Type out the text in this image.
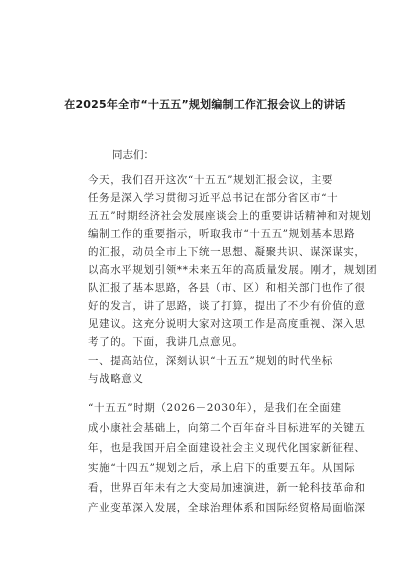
在2025年全市“十五五”规划编制工作汇报会议上的讲话
同志们：
今天，我们召开这次“十五五”规划汇报会议，主要
任务是深入学习贯彻习近平总书记在部分省区市“十
五五”时期经济社会发展座谈会上的重要讲话精神和对规划
编制工作的重要指示，听取我市“十五五”规划基本思路
的汇报，动员全市上下统一思想、凝聚共识、谋深谋实，
以高水平规划引领**未来五年的高质量发展。刚才，规划团
队汇报了基本思路，各县（市、区）和相关部门也作了很
好的发言，讲了思路，谈了打算，提出了不少有价值的意
见建议。这充分说明大家对这项工作是高度重视、深入思
考了的。下面，我讲几点意见。
一、提高站位，深刻认识“十五五”规划的时代坐标
与战略意义
“十五五”时期（2026－2030年），是我们在全面建
成小康社会基础上，向第二个百年奋斗目标进军的关键五
年，也是我国开启全面建设社会主义现代化国家新征程、
实施“十四五”规划之后，承上启下的重要五年。从国际
看，世界百年未有之大变局加速演进，新一轮科技革命和
产业变革深入发展，全球治理体系和国际经贸格局面临深
